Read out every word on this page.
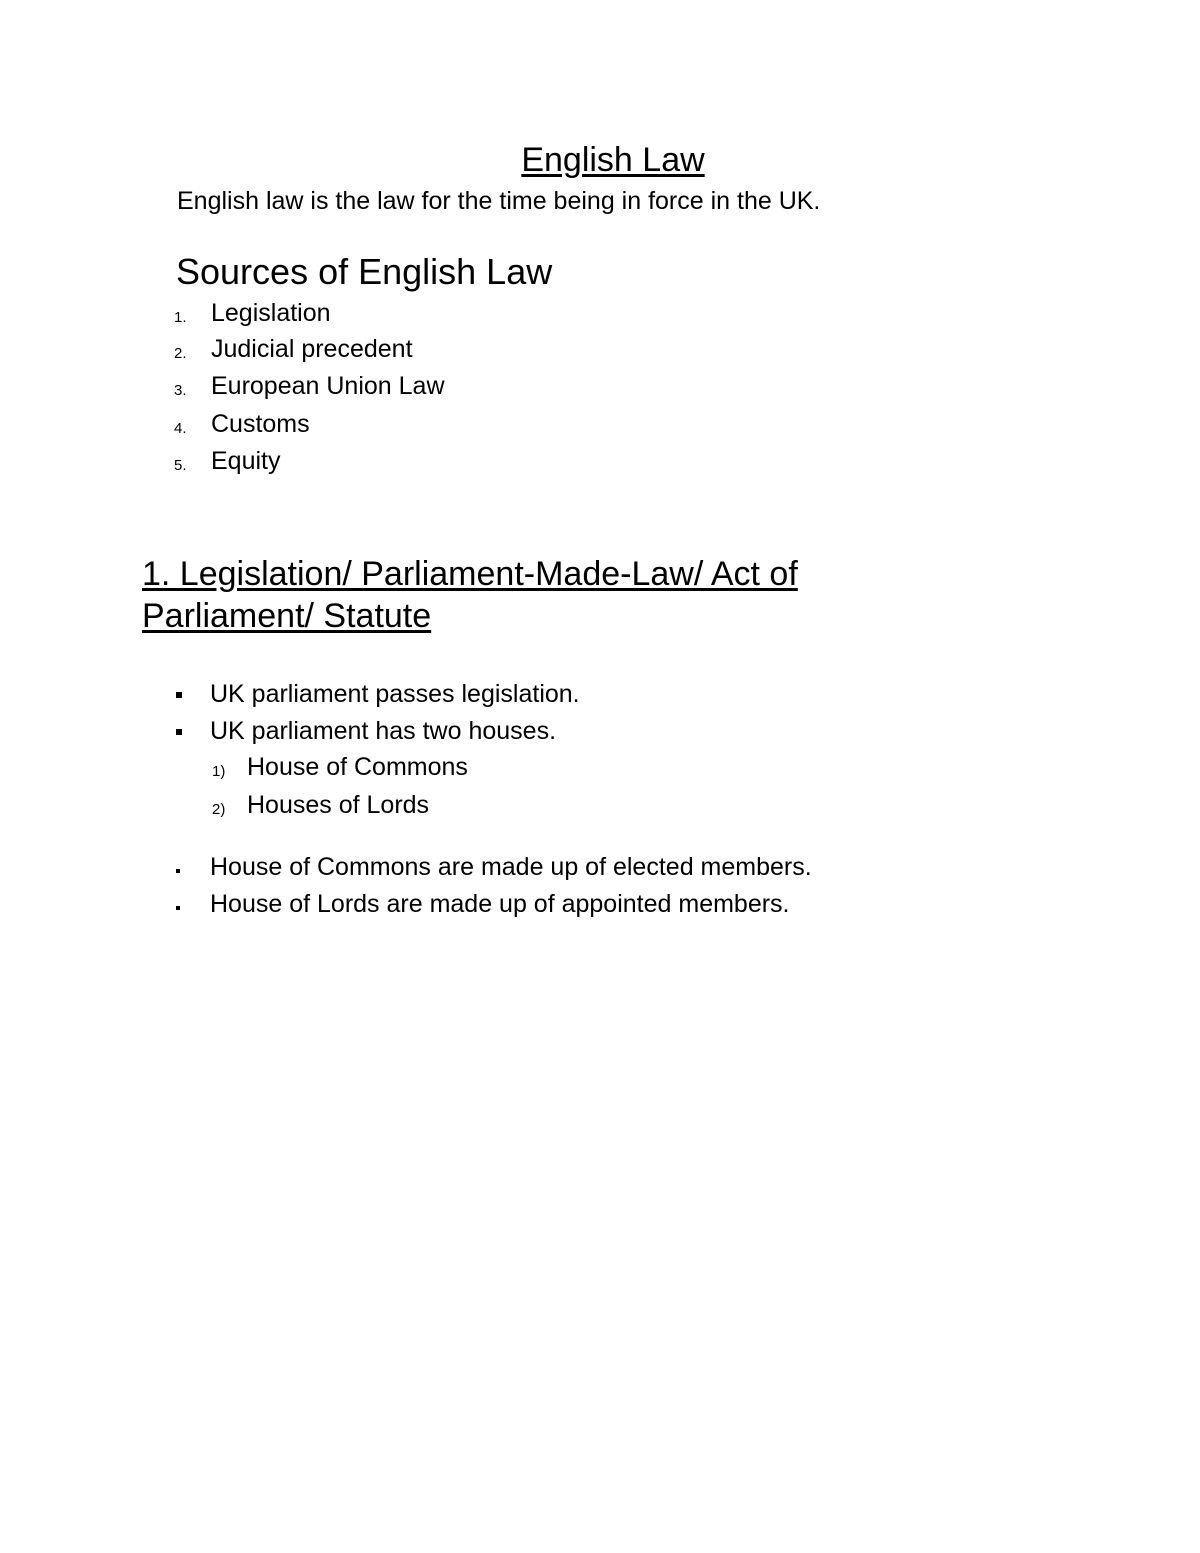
English Law
English law is the law for the time being in force in the UK.
Sources of English Law
1. Legislation
2. Judicial precedent
3. European Union Law
4. Customs
5. Equity
1. Legislation/ Parliament-Made-Law/ Act of
Parliament/ Statute
UK parliament passes legislation.
UK parliament has two houses.
1) House of Commons
2) Houses of Lords
House of Commons are made up of elected members.
House of Lords are made up of appointed members.
